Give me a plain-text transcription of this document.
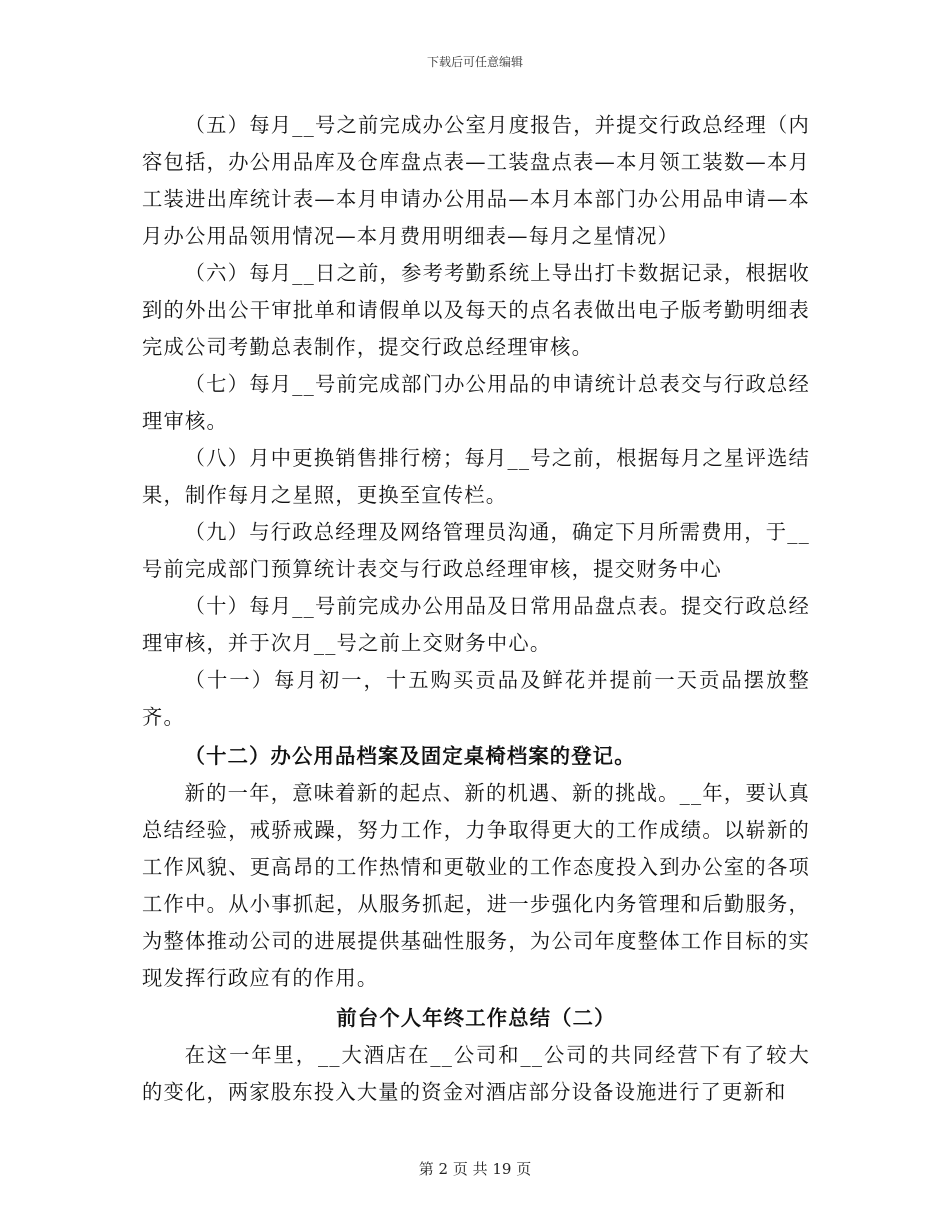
下载后可任意编辑

（五）每月__号之前完成办公室月度报告，并提交行政总经理（内容包括，办公用品库及仓库盘点表—工装盘点表—本月领工装数—本月工装进出库统计表—本月申请办公用品—本月本部门办公用品申请—本月办公用品领用情况—本月费用明细表—每月之星情况）

（六）每月__日之前，参考考勤系统上导出打卡数据记录，根据收到的外出公干审批单和请假单以及每天的点名表做出电子版考勤明细表完成公司考勤总表制作，提交行政总经理审核。

（七）每月__号前完成部门办公用品的申请统计总表交与行政总经理审核。

（八）月中更换销售排行榜；每月__号之前，根据每月之星评选结果，制作每月之星照，更换至宣传栏。

（九）与行政总经理及网络管理员沟通，确定下月所需费用，于__号前完成部门预算统计表交与行政总经理审核，提交财务中心

（十）每月__号前完成办公用品及日常用品盘点表。提交行政总经理审核，并于次月__号之前上交财务中心。

（十一）每月初一，十五购买贡品及鲜花并提前一天贡品摆放整齐。

（十二）办公用品档案及固定桌椅档案的登记。

新的一年，意味着新的起点、新的机遇、新的挑战。__年，要认真总结经验，戒骄戒躁，努力工作，力争取得更大的工作成绩。以崭新的工作风貌、更高昂的工作热情和更敬业的工作态度投入到办公室的各项工作中。从小事抓起，从服务抓起，进一步强化内务管理和后勤服务，为整体推动公司的进展提供基础性服务，为公司年度整体工作目标的实现发挥行政应有的作用。

前台个人年终工作总结（二）

在这一年里，__大酒店在__公司和__公司的共同经营下有了较大的变化，两家股东投入大量的资金对酒店部分设备设施进行了更新和

第 2 页 共 19 页
